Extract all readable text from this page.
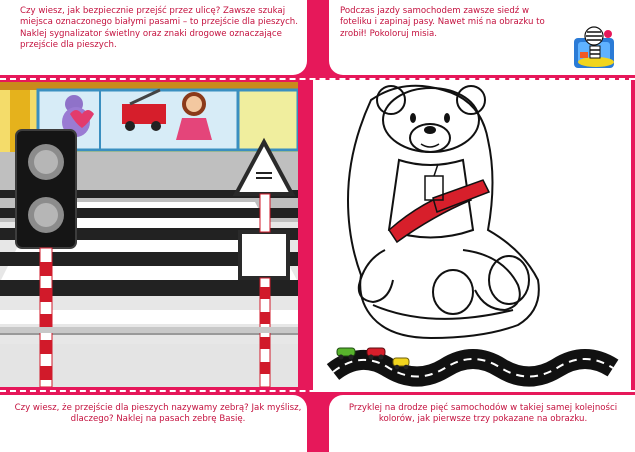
Czy wiesz, jak bezpiecznie przejść przez ulicę? Zawsze szukaj miejsca oznaczonego białymi pasami – to przejście dla pieszych. Naklej sygnalizator świetlny oraz znaki drogowe oznaczające przejście dla pieszych.
Podczas jazdy samochodem zawsze siedź w foteliku i zapinaj pasy. Nawet miś na obrazku to zrobił! Pokoloruj misia.
Czy wiesz, że przejście dla pieszych nazywamy zebrą? Jak myślisz, dlaczego? Naklej na pasach zebrę Basię.
Przyklej na drodze pięć samochodów w takiej samej kolejności kolorów, jak pierwsze trzy pokazane na obrazku.
